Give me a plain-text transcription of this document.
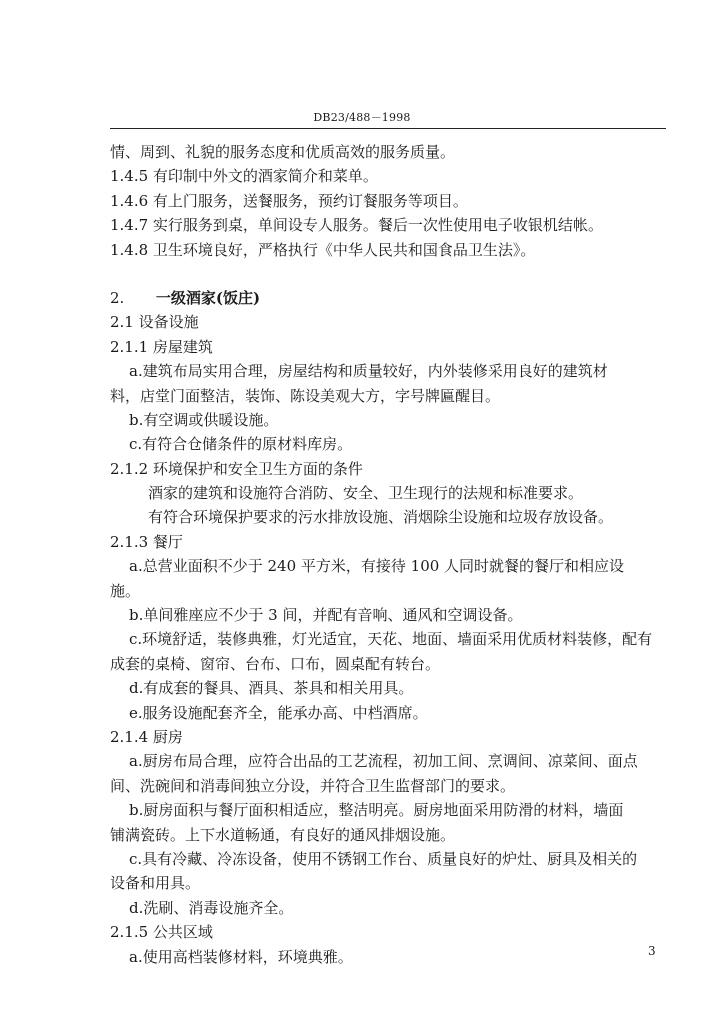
DB23/488－1998
情、周到、礼貌的服务态度和优质高效的服务质量。
1.4.5 有印制中外文的酒家简介和菜单。
1.4.6 有上门服务，送餐服务，预约订餐服务等项目。
1.4.7 实行服务到桌，单间设专人服务。餐后一次性使用电子收银机结帐。
1.4.8 卫生环境良好，严格执行《中华人民共和国食品卫生法》。
2. 一级酒家(饭庄)
2.1 设备设施
2.1.1 房屋建筑
a.建筑布局实用合理，房屋结构和质量较好，内外装修采用良好的建筑材
料，店堂门面整洁，装饰、陈设美观大方，字号牌匾醒目。
b.有空调或供暖设施。
c.有符合仓储条件的原材料库房。
2.1.2 环境保护和安全卫生方面的条件
酒家的建筑和设施符合消防、安全、卫生现行的法规和标准要求。
有符合环境保护要求的污水排放设施、消烟除尘设施和垃圾存放设备。
2.1.3 餐厅
a.总营业面积不少于 240 平方米，有接待 100 人同时就餐的餐厅和相应设
施。
b.单间雅座应不少于 3 间，并配有音响、通风和空调设备。
c.环境舒适，装修典雅，灯光适宜，天花、地面、墙面采用优质材料装修，配有
成套的桌椅、窗帘、台布、口布，圆桌配有转台。
d.有成套的餐具、酒具、茶具和相关用具。
e.服务设施配套齐全，能承办高、中档酒席。
2.1.4 厨房
a.厨房布局合理，应符合出品的工艺流程，初加工间、烹调间、凉菜间、面点
间、洗碗间和消毒间独立分设，并符合卫生监督部门的要求。
b.厨房面积与餐厅面积相适应，整洁明亮。厨房地面采用防滑的材料，墙面
铺满瓷砖。上下水道畅通，有良好的通风排烟设施。
c.具有冷藏、冷冻设备，使用不锈钢工作台、质量良好的炉灶、厨具及相关的
设备和用具。
d.洗刷、消毒设施齐全。
2.1.5 公共区域
a.使用高档装修材料，环境典雅。	3
